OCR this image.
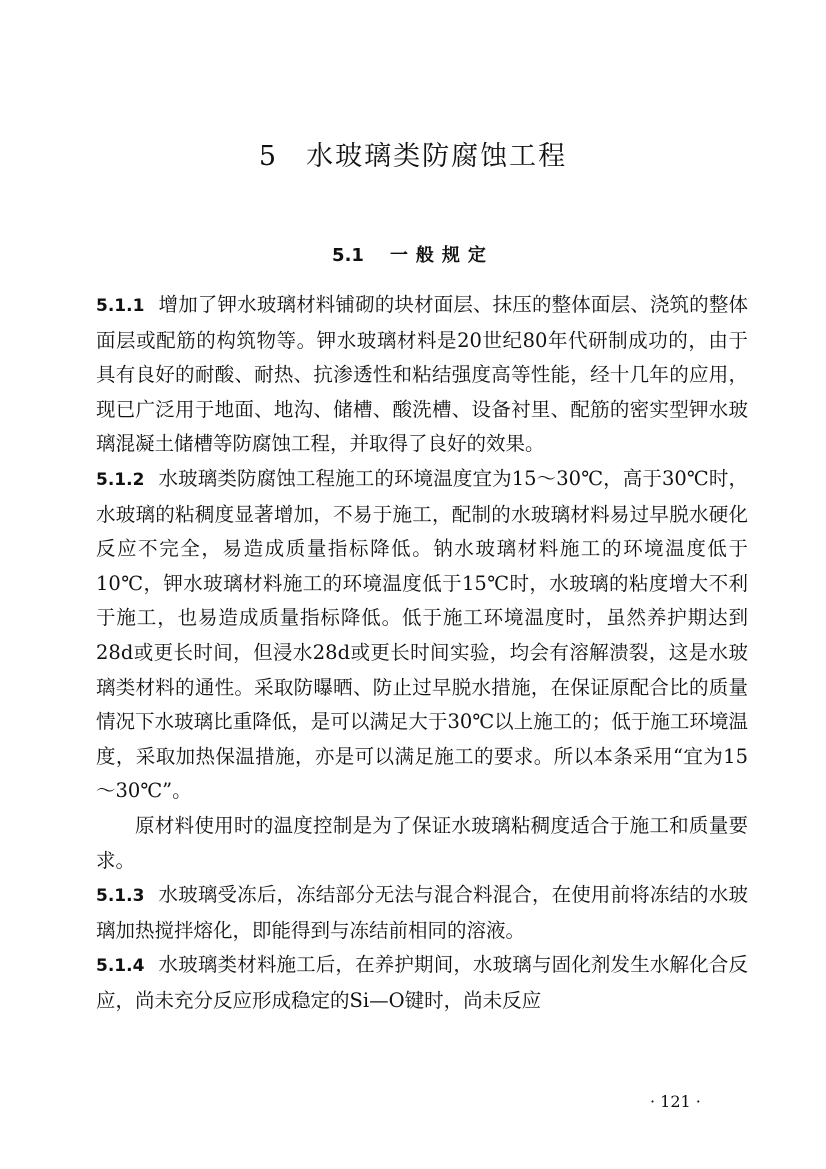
5 水玻璃类防腐蚀工程
5.1 一般规定

5.1.1 增加了钾水玻璃材料铺砌的块材面层、抹压的整体面层、浇筑的整体面层或配筋的构筑物等。钾水玻璃材料是20世纪80年代研制成功的，由于具有良好的耐酸、耐热、抗渗透性和粘结强度高等性能，经十几年的应用，现已广泛用于地面、地沟、储槽、酸洗槽、设备衬里、配筋的密实型钾水玻璃混凝土储槽等防腐蚀工程，并取得了良好的效果。

5.1.2 水玻璃类防腐蚀工程施工的环境温度宜为15～30℃，高于30℃时，水玻璃的粘稠度显著增加，不易于施工，配制的水玻璃材料易过早脱水硬化反应不完全，易造成质量指标降低。钠水玻璃材料施工的环境温度低于10℃，钾水玻璃材料施工的环境温度低于15℃时，水玻璃的粘度增大不利于施工，也易造成质量指标降低。低于施工环境温度时，虽然养护期达到28d或更长时间，但浸水28d或更长时间实验，均会有溶解溃裂，这是水玻璃类材料的通性。采取防曝晒、防止过早脱水措施，在保证原配合比的质量情况下水玻璃比重降低，是可以满足大于30℃以上施工的；低于施工环境温度，采取加热保温措施，亦是可以满足施工的要求。所以本条采用“宜为15～30℃”。

原材料使用时的温度控制是为了保证水玻璃粘稠度适合于施工和质量要求。

5.1.3 水玻璃受冻后，冻结部分无法与混合料混合，在使用前将冻结的水玻璃加热搅拌熔化，即能得到与冻结前相同的溶液。

5.1.4 水玻璃类材料施工后，在养护期间，水玻璃与固化剂发生水解化合反应，尚未充分反应形成稳定的Si—O键时，尚未反应

· 121 ·
